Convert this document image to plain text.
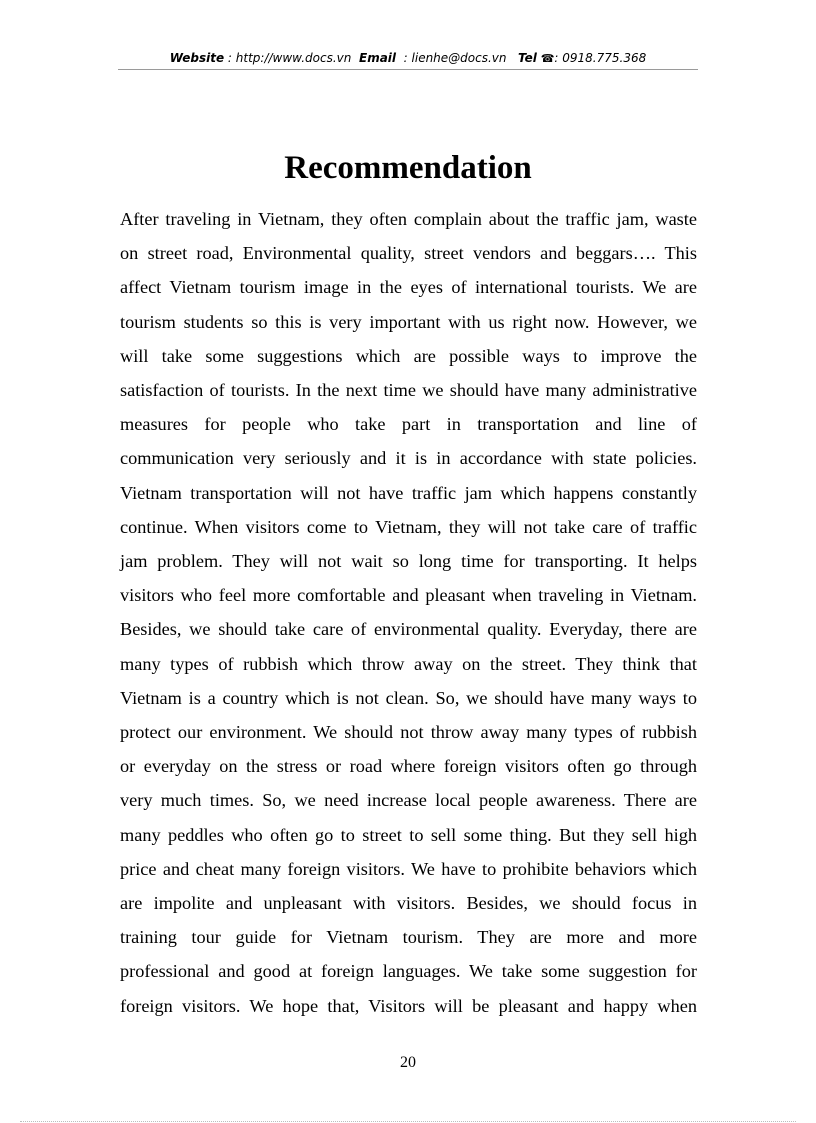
Website : http://www.docs.vn Email : lienhe@docs.vn Tel ☎: 0918.775.368
Recommendation
After traveling in Vietnam, they often complain about the traffic jam, waste
on street road, Environmental quality, street vendors and beggars…. This
affect Vietnam tourism image in the eyes of international tourists. We are
tourism students so this is very important with us right now. However, we
will take some suggestions which are possible ways to improve the
satisfaction of tourists. In the next time we should have many administrative
measures for people who take part in transportation and line of
communication very seriously and it is in accordance with state policies.
Vietnam transportation will not have traffic jam which happens constantly
continue. When visitors come to Vietnam, they will not take care of traffic
jam problem. They will not wait so long time for transporting. It helps
visitors who feel more comfortable and pleasant when traveling in Vietnam.
Besides, we should take care of environmental quality. Everyday, there are
many types of rubbish which throw away on the street. They think that
Vietnam is a country which is not clean. So, we should have many ways to
protect our environment. We should not throw away many types of rubbish
or everyday on the stress or road where foreign visitors often go through
very much times. So, we need increase local people awareness. There are
many peddles who often go to street to sell some thing. But they sell high
price and cheat many foreign visitors. We have to prohibite behaviors which
are impolite and unpleasant with visitors. Besides, we should focus in
training tour guide for Vietnam tourism. They are more and more
professional and good at foreign languages. We take some suggestion for
foreign visitors. We hope that, Visitors will be pleasant and happy when
20
